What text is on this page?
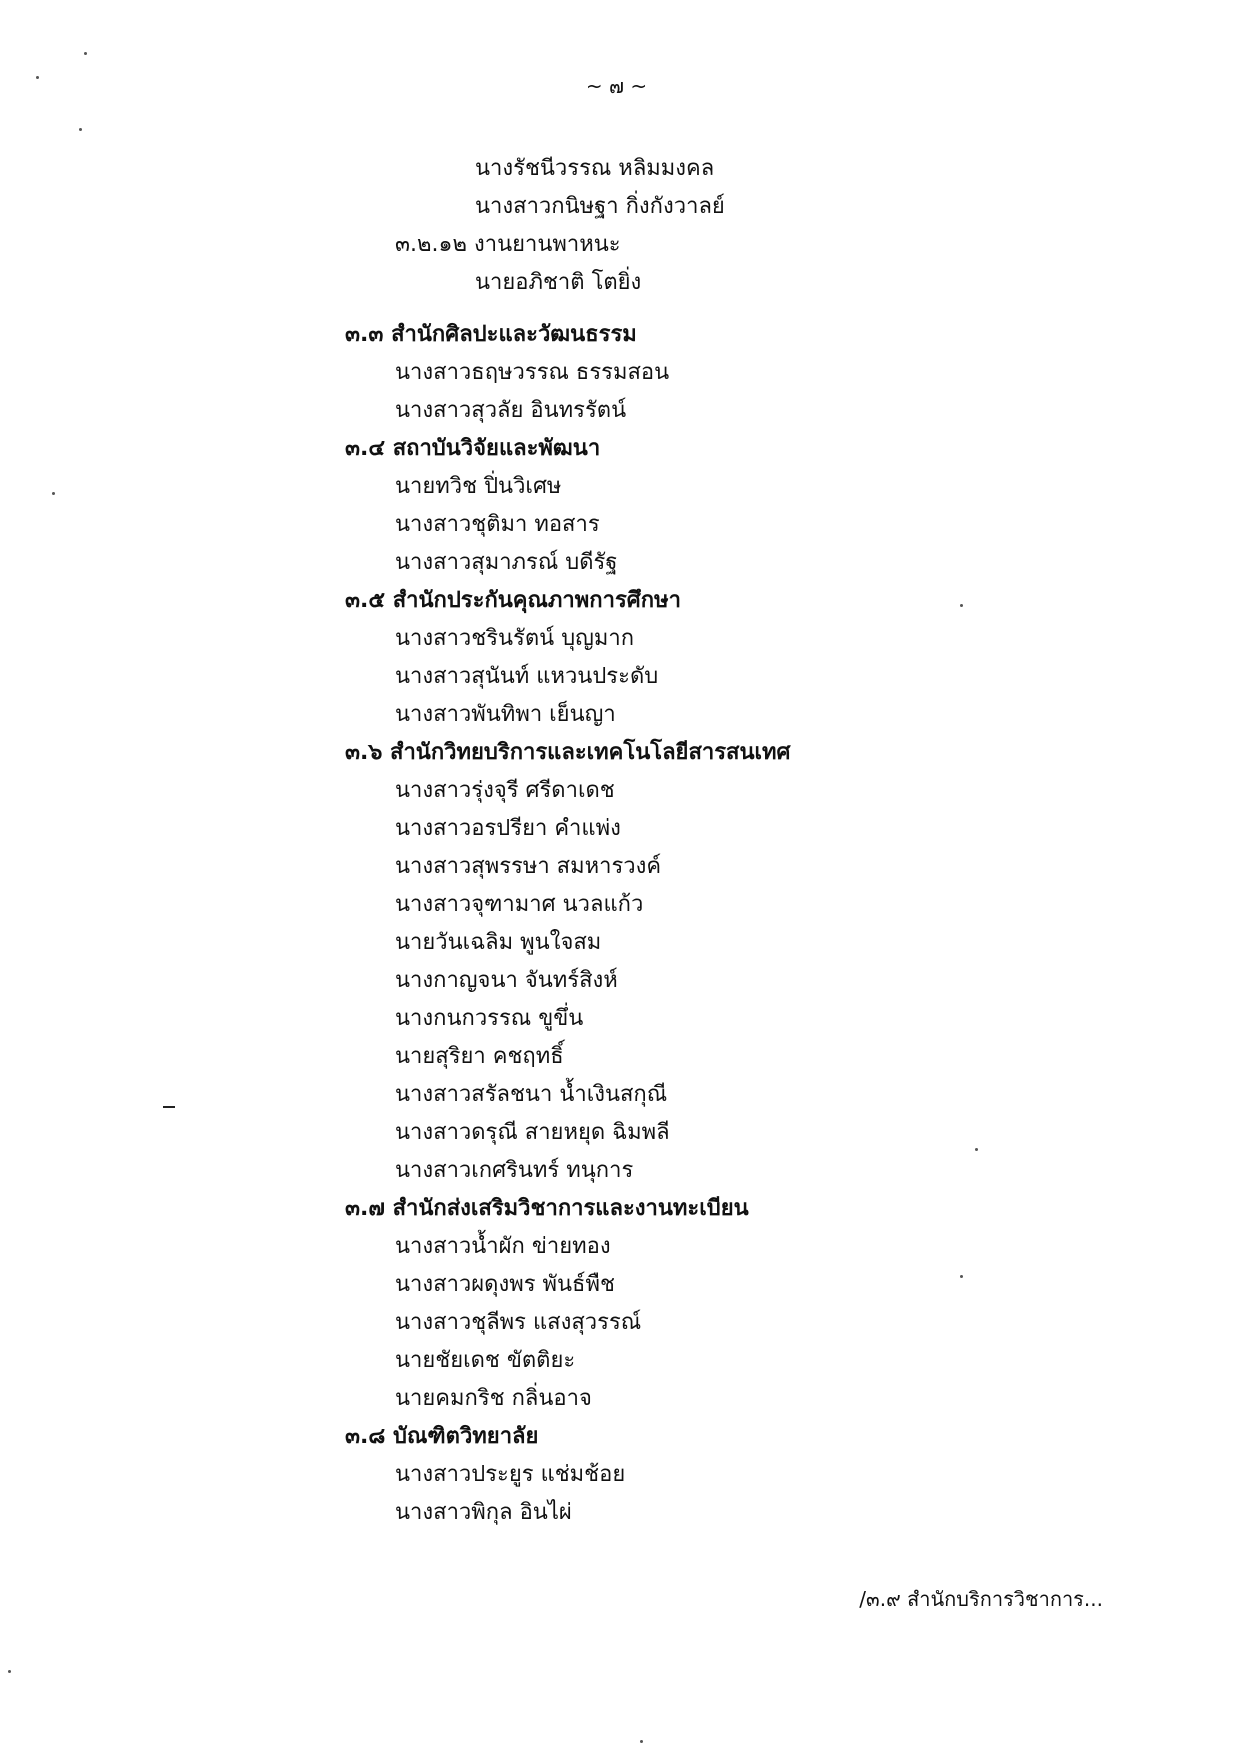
~ ๗ ~
นางรัชนีวรรณ หลิมมงคล
นางสาวกนิษฐา กิ่งกังวาลย์
๓.๒.๑๒ งานยานพาหนะ
นายอภิชาติ โตยิ่ง
๓.๓ สำนักศิลปะและวัฒนธรรม
นางสาวธฤษวรรณ ธรรมสอน
นางสาวสุวลัย อินทรรัตน์
๓.๔ สถาบันวิจัยและพัฒนา
นายทวิช ปิ่นวิเศษ
นางสาวชุติมา ทอสาร
นางสาวสุมาภรณ์ บดีรัฐ
๓.๕ สำนักประกันคุณภาพการศึกษา
นางสาวชรินรัตน์ บุญมาก
นางสาวสุนันท์ แหวนประดับ
นางสาวพันทิพา เย็นญา
๓.๖ สำนักวิทยบริการและเทคโนโลยีสารสนเทศ
นางสาวรุ่งจุรี ศรีดาเดช
นางสาวอรปรียา คำแพ่ง
นางสาวสุพรรษา สมหารวงค์
นางสาวจุฑามาศ นวลแก้ว
นายวันเฉลิม พูนใจสม
นางกาญจนา จันทร์สิงห์
นางกนกวรรณ ขูขึ่น
นายสุริยา คชฤทธิ์
นางสาวสรัลชนา น้ำเงินสกุณี
นางสาวดรุณี สายหยุด ฉิมพลี
นางสาวเกศรินทร์ ทนุการ
๓.๗ สำนักส่งเสริมวิชาการและงานทะเบียน
นางสาวน้ำผัก ข่ายทอง
นางสาวผดุงพร พันธ์พืช
นางสาวชุลีพร แสงสุวรรณ์
นายชัยเดช ขัตติยะ
นายคมกริช กลิ่นอาจ
๓.๘ บัณฑิตวิทยาลัย
นางสาวประยูร แช่มช้อย
นางสาวพิกุล อินไผ่
/๓.๙ สำนักบริการวิชาการ...
